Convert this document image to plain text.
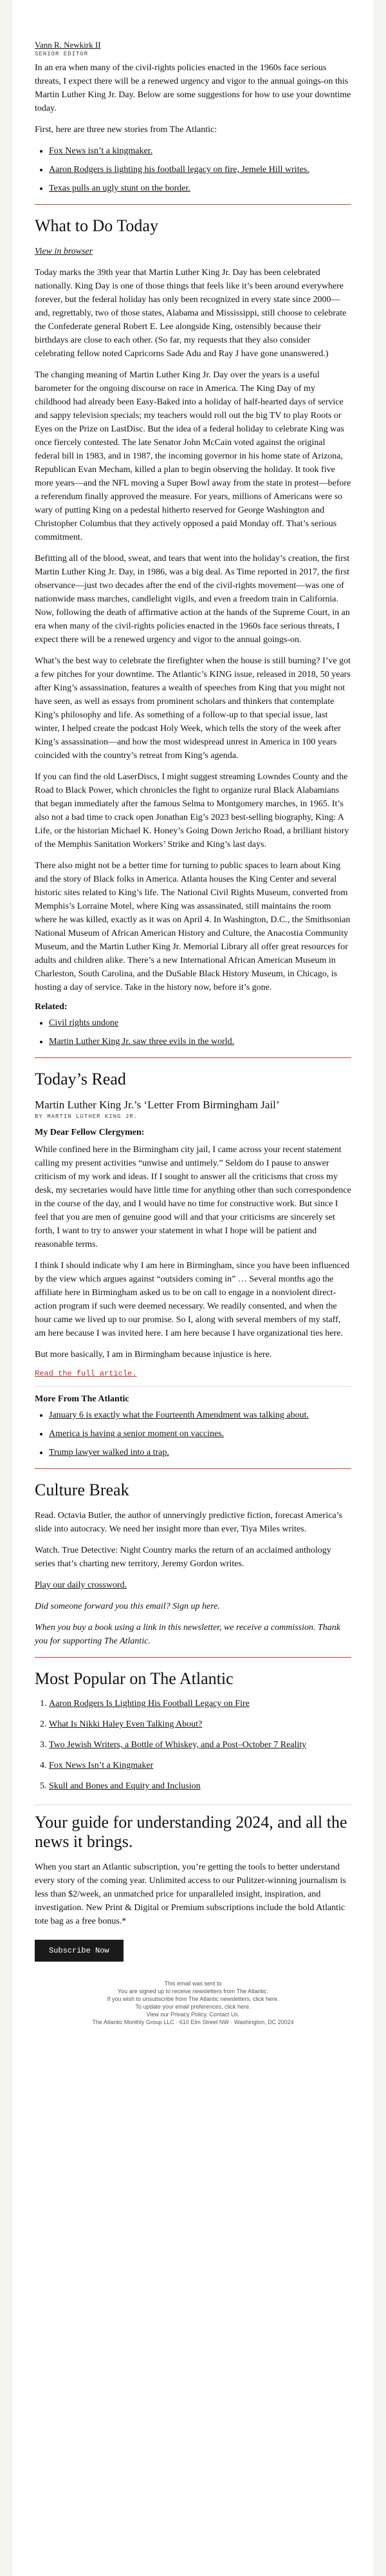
Vann R. Newkirk II
SENIOR EDITOR

In an era when many of the civil-rights policies enacted in the 1960s face serious threats, I expect there will be a renewed urgency and vigor to the annual goings-on this Martin Luther King Jr. Day. Below are some suggestions for how to use your downtime today.

First, here are three new stories from The Atlantic:

• Fox News isn’t a kingmaker.
• Aaron Rodgers is lighting his football legacy on fire, Jemele Hill writes.
• Texas pulls an ugly stunt on the border.
What to Do Today

View in browser

Today marks the 39th year that Martin Luther King Jr. Day has been celebrated nationally. King Day is one of those things that feels like it’s been around everywhere forever, but the federal holiday has only been recognized in every state since 2000—and, regrettably, two of those states, Alabama and Mississippi, still choose to celebrate the Confederate general Robert E. Lee alongside King, ostensibly because their birthdays are close to each other. (So far, my requests that they also consider celebrating fellow noted Capricorns Sade Adu and Ray J have gone unanswered.)

The changing meaning of Martin Luther King Jr. Day over the years is a useful barometer for the ongoing discourse on race in America. The King Day of my childhood had already been Easy-Baked into a holiday of half-hearted days of service and sappy television specials; my teachers would roll out the big TV to play Roots or Eyes on the Prize on LastDisc. But the idea of a federal holiday to celebrate King was once fiercely contested. The late Senator John McCain voted against the original federal bill in 1983, and in 1987, the incoming governor in his home state of Arizona, Republican Evan Mecham, killed a plan to begin observing the holiday. It took five more years—and the NFL moving a Super Bowl away from the state in protest—before a referendum finally approved the measure. For years, millions of Americans were so wary of putting King on a pedestal hitherto reserved for George Washington and Christopher Columbus that they actively opposed a paid Monday off. That’s serious commitment.

Befitting all of the blood, sweat, and tears that went into the holiday’s creation, the first Martin Luther King Jr. Day, in 1986, was a big deal. As Time reported in 2017, the first observance—just two decades after the end of the civil-rights movement—was one of nationwide mass marches, candlelight vigils, and even a freedom train in California. Now, following the death of affirmative action at the hands of the Supreme Court, in an era when many of the civil-rights policies enacted in the 1960s face serious threats, I expect there will be a renewed urgency and vigor to the annual goings-on.

What’s the best way to celebrate the firefighter when the house is still burning? I’ve got a few pitches for your downtime. The Atlantic’s KING issue, released in 2018, 50 years after King’s assassination, features a wealth of speeches from King that you might not have seen, as well as essays from prominent scholars and thinkers that contemplate King’s philosophy and life. As something of a follow-up to that special issue, last winter, I helped create the podcast Holy Week, which tells the story of the week after King’s assassination—and how the most widespread unrest in America in 100 years coincided with the country’s retreat from King’s agenda.

If you can find the old LaserDiscs, I might suggest streaming Lowndes County and the Road to Black Power, which chronicles the fight to organize rural Black Alabamians that began immediately after the famous Selma to Montgomery marches, in 1965. It’s also not a bad time to crack open Jonathan Eig’s 2023 best-selling biography, King: A Life, or the historian Michael K. Honey’s Going Down Jericho Road, a brilliant history of the Memphis Sanitation Workers’ Strike and King’s last days.

There also might not be a better time for turning to public spaces to learn about King and the story of Black folks in America. Atlanta houses the King Center and several historic sites related to King’s life. The National Civil Rights Museum, converted from Memphis’s Lorraine Motel, where King was assassinated, still maintains the room where he was killed, exactly as it was on April 4. In Washington, D.C., the Smithsonian National Museum of African American History and Culture, the Anacostia Community Museum, and the Martin Luther King Jr. Memorial Library all offer great resources for adults and children alike. There’s a new International African American Museum in Charleston, South Carolina, and the DuSable Black History Museum, in Chicago, is hosting a day of service. Take in the history now, before it’s gone.

Related:
• Civil rights undone
• Martin Luther King Jr. saw three evils in the world.
Today’s Read
Martin Luther King Jr.’s ‘Letter From Birmingham Jail’
BY MARTIN LUTHER KING JR.
My Dear Fellow Clergymen:

While confined here in the Birmingham city jail, I came across your recent statement calling my present activities “unwise and untimely.” Seldom do I pause to answer criticism of my work and ideas. If I sought to answer all the criticisms that cross my desk, my secretaries would have little time for anything other than such correspondence in the course of the day, and I would have no time for constructive work. But since I feel that you are men of genuine good will and that your criticisms are sincerely set forth, I want to try to answer your statement in what I hope will be patient and reasonable terms.

I think I should indicate why I am here in Birmingham, since you have been influenced by the view which argues against “outsiders coming in” … Several months ago the affiliate here in Birmingham asked us to be on call to engage in a nonviolent direct-action program if such were deemed necessary. We readily consented, and when the hour came we lived up to our promise. So I, along with several members of my staff, am here because I was invited here. I am here because I have organizational ties here.

But more basically, I am in Birmingham because injustice is here.

Read the full article.
More From The Atlantic
• January 6 is exactly what the Fourteenth Amendment was talking about.
• America is having a senior moment on vaccines.
• Trump lawyer walked into a trap.
Culture Break

Read. Octavia Butler, the author of unnervingly predictive fiction, forecast America’s slide into autocracy. We need her insight more than ever, Tiya Miles writes.

Watch. True Detective: Night Country marks the return of an acclaimed anthology series that’s charting new territory, Jeremy Gordon writes.

Play our daily crossword.

Did someone forward you this email? Sign up here.

When you buy a book using a link in this newsletter, we receive a commission. Thank you for supporting The Atlantic.

Most Popular on The Atlantic
1. Aaron Rodgers Is Lighting His Football Legacy on Fire
2. What Is Nikki Haley Even Talking About?
3. Two Jewish Writers, a Bottle of Whiskey, and a Post–October 7 Reality
4. Fox News Isn’t a Kingmaker
5. Skull and Bones and Equity and Inclusion
Your guide for understanding 2024, and all the news it brings.

When you start an Atlantic subscription, you’re getting the tools to better understand every story of the coming year. Unlimited access to our Pulitzer-winning journalism is less than $2/week, an unmatched price for unparalleled insight, inspiration, and investigation. New Print & Digital or Premium subscriptions include the bold Atlantic tote bag as a free bonus.*

Subscribe Now
This email was sent to
You are signed up to receive newsletters from The Atlantic.
If you wish to unsubscribe from The Atlantic newsletters, click here.
To update your email preferences, click here.
View our Privacy Policy. Contact Us.
The Atlantic Monthly Group LLC · 610 Elm Street NW · Washington, DC 20024
